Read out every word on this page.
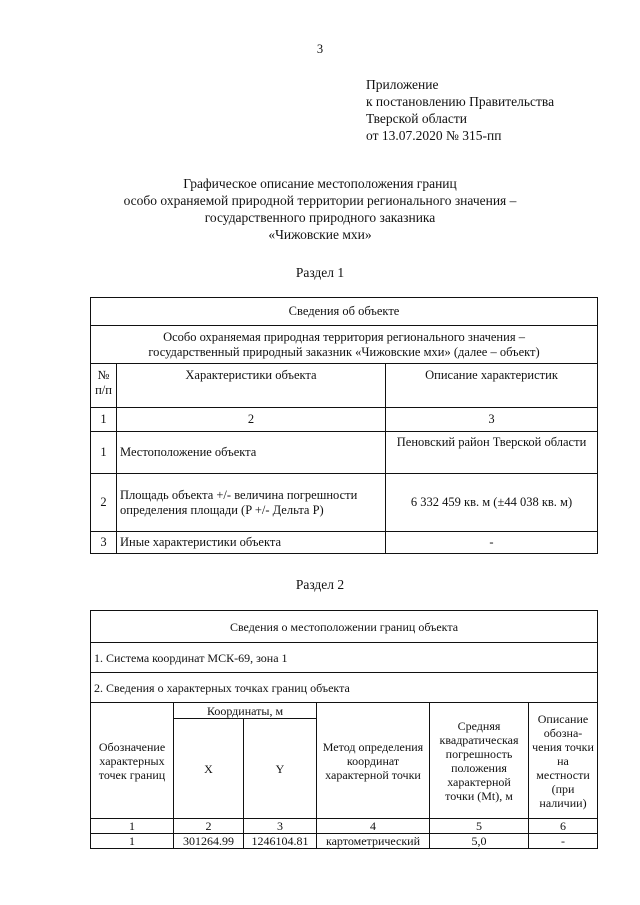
3
Приложение
к постановлению Правительства
Тверской области
от 13.07.2020 № 315-пп
Графическое описание местоположения границ
особо охраняемой природной территории регионального значения –
государственного природного заказника
«Чижовские мхи»
Раздел 1
Сведения об объекте		

Особо охраняемая природная территория регионального значения –
государственный природный заказник «Чижовские мхи» (далее – объект)		

№ п/п	Характеристики объекта	Описание характеристик
1	2	3
1	Местоположение объекта	Пеновский район Тверской области
2	Площадь объекта +/- величина погрешности определения площади (P +/- Дельта P)	6 332 459 кв. м (±44 038 кв. м)
3	Иные характеристики объекта	-
Раздел 2
Сведения о местоположении границ объекта					
1. Система координат МСК-69, зона 1					
2. Сведения о характерных точках границ объекта					
Обозначение характерных точек границ	Координаты, м		Метод определения координат характерной точки	Средняя квадратическая погрешность положения характерной точки (Mt), м	Описание обозна-чения точки на местности (при наличии)
	X	Y			
1	2	3	4	5	6
1	301264.99	1246104.81	картометрический	5,0	-
